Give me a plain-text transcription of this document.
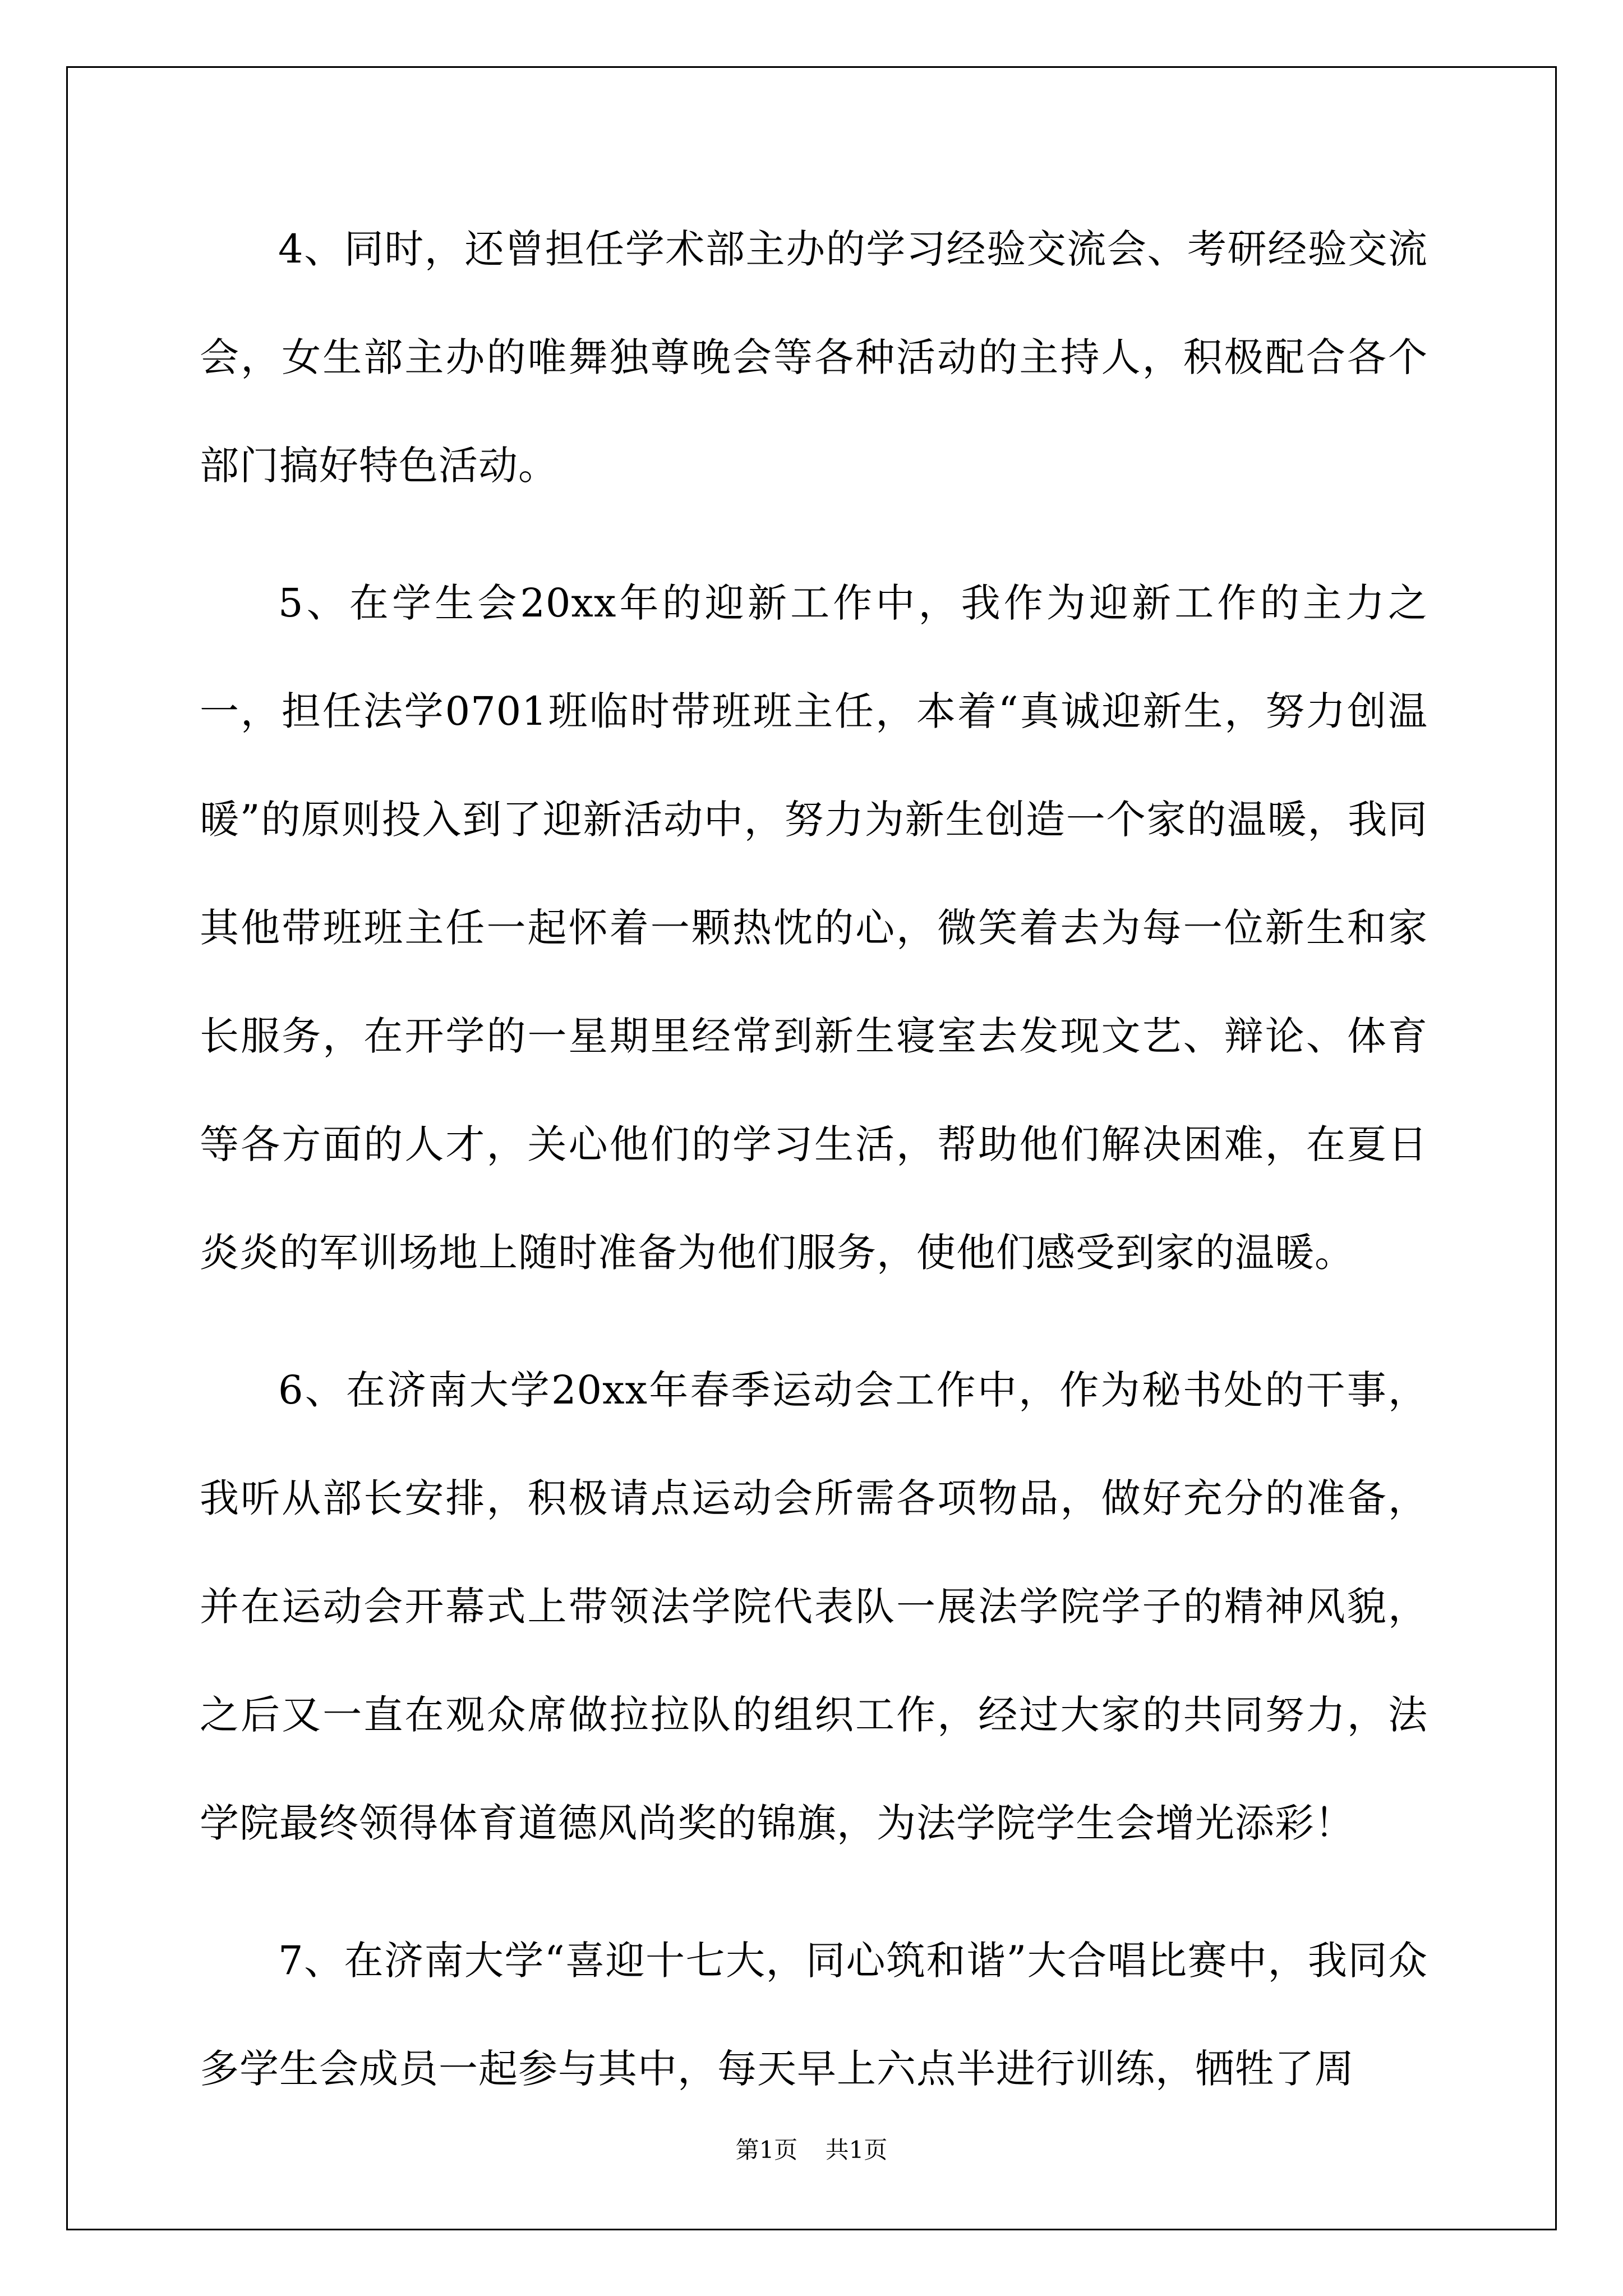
4、同时，还曾担任学术部主办的学习经验交流会、考研经验交流会，女生部主办的唯舞独尊晚会等各种活动的主持人，积极配合各个部门搞好特色活动。

5、在学生会20xx年的迎新工作中，我作为迎新工作的主力之一，担任法学0701班临时带班班主任，本着“真诚迎新生，努力创温暖”的原则投入到了迎新活动中，努力为新生创造一个家的温暖，我同其他带班班主任一起怀着一颗热忱的心，微笑着去为每一位新生和家长服务，在开学的一星期里经常到新生寝室去发现文艺、辩论、体育等各方面的人才，关心他们的学习生活，帮助他们解决困难，在夏日炎炎的军训场地上随时准备为他们服务，使他们感受到家的温暖。

6、在济南大学20xx年春季运动会工作中，作为秘书处的干事，我听从部长安排，积极请点运动会所需各项物品，做好充分的准备，并在运动会开幕式上带领法学院代表队一展法学院学子的精神风貌，之后又一直在观众席做拉拉队的组织工作，经过大家的共同努力，法学院最终领得体育道德风尚奖的锦旗，为法学院学生会增光添彩！

7、在济南大学“喜迎十七大，同心筑和谐”大合唱比赛中，我同众多学生会成员一起参与其中，每天早上六点半进行训练，牺牲了周

第1页 共1页
